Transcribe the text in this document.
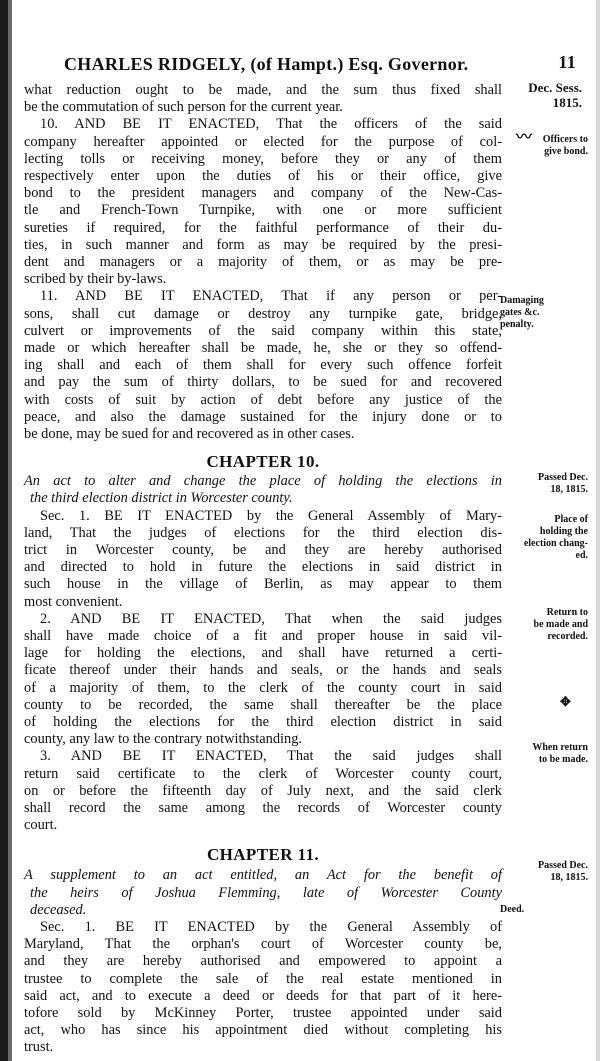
CHARLES RIDGELY, (of Hampt.) Esq. Governor.	11
what reduction ought to be made, and the sum thus fixed shall
be the commutation of such person for the current year.
10. AND BE IT ENACTED, That the officers of the said
company hereafter appointed or elected for the purpose of col-
lecting tolls or receiving money, before they or any of them
respectively enter upon the duties of his or their office, give
bond to the president managers and company of the New-Cas-
tle and French-Town Turnpike, with one or more sufficient
sureties if required, for the faithful performance of their du-
ties, in such manner and form as may be required by the presi-
dent and managers or a majority of them, or as may be pre-
scribed by their by-laws.
11. AND BE IT ENACTED, That if any person or per-
sons, shall cut damage or destroy any turnpike gate, bridge,
culvert or improvements of the said company within this state,
made or which hereafter shall be made, he, she or they so offend-
ing shall and each of them shall for every such offence forfeit
and pay the sum of thirty dollars, to be sued for and recovered
with costs of suit by action of debt before any justice of the
peace, and also the damage sustained for the injury done or to
be done, may be sued for and recovered as in other cases.
CHAPTER 10.
An act to alter and change the place of holding the elections in
the third election district in Worcester county.
Sec. 1. BE IT ENACTED by the General Assembly of Mary-
land, That the judges of elections for the third election dis-
trict in Worcester county, be and they are hereby authorised
and directed to hold in future the elections in said district in
such house in the village of Berlin, as may appear to them
most convenient.
2. AND BE IT ENACTED, That when the said judges
shall have made choice of a fit and proper house in said vil-
lage for holding the elections, and shall have returned a certi-
ficate thereof under their hands and seals, or the hands and seals
of a majority of them, to the clerk of the county court in said
county to be recorded, the same shall thereafter be the place
of holding the elections for the third election district in said
county, any law to the contrary notwithstanding.
3. AND BE IT ENACTED, That the said judges shall
return said certificate to the clerk of Worcester county court,
on or before the fifteenth day of July next, and the said clerk
shall record the same among the records of Worcester county
court.
CHAPTER 11.
A supplement to an act entitled, an Act for the benefit of
the heirs of Joshua Flemming, late of Worcester County
deceased.
Sec. 1. BE IT ENACTED by the General Assembly of
Maryland, That the orphan's court of Worcester county be,
and they are hereby authorised and empowered to appoint a
trustee to complete the sale of the real estate mentioned in
said act, and to execute a deed or deeds for that part of it here-
tofore sold by McKinney Porter, trustee appointed under said
act, who has since his appointment died without completing his
trust.
Dec. Sess.
1815.
Officers to
give bond.
Damaging
gates &c.
penalty.
Passed Dec.
18, 1815.
Place of
holding the
election chang-
ed.
Return to
be made and
recorded.
When return
to be made.
Passed Dec.
18, 1815.
Deed.
〰
✥
